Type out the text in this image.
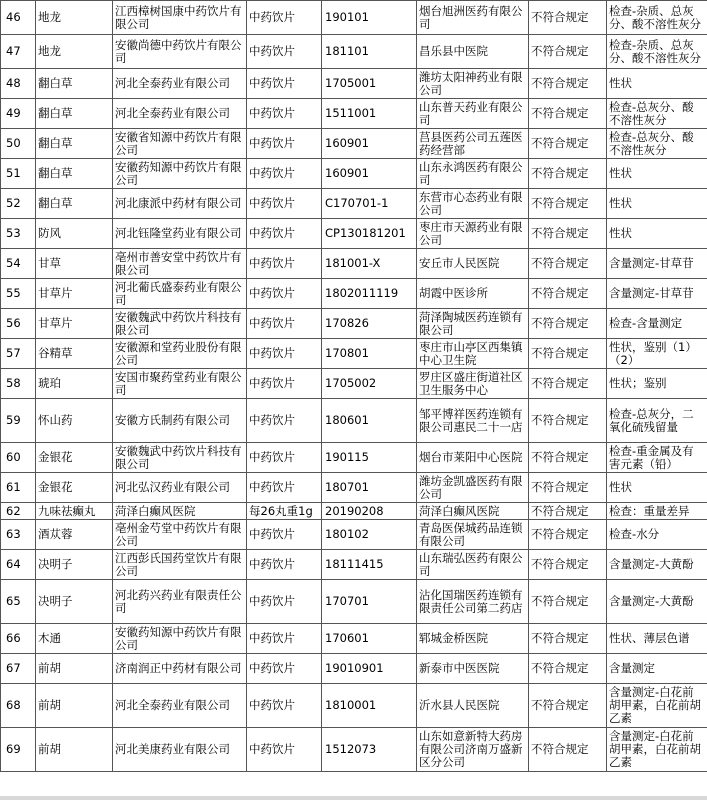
46	地龙	江西樟树国康中药饮片有限公司	中药饮片	190101	烟台旭洲医药有限公司	不符合规定	检查-杂质、总灰分、酸不溶性灰分
47	地龙	安徽尚德中药饮片有限公司	中药饮片	181101	昌乐县中医院	不符合规定	检查-杂质、总灰分、酸不溶性灰分
48	翻白草	河北全泰药业有限公司	中药饮片	1705001	潍坊太阳神药业有限公司	不符合规定	性状
49	翻白草	河北全泰药业有限公司	中药饮片	1511001	山东普天药业有限公司	不符合规定	检查-总灰分、酸不溶性灰分
50	翻白草	安徽省知源中药饮片有限公司	中药饮片	160901	莒县医药公司五莲医药经营部	不符合规定	检查-总灰分、酸不溶性灰分
51	翻白草	安徽药知源中药饮片有限公司	中药饮片	160901	山东永鸿医药有限公司	不符合规定	性状
52	翻白草	河北康派中药材有限公司	中药饮片	C170701-1	东营市心态药业有限公司	不符合规定	性状
53	防风	河北钰隆堂药业有限公司	中药饮片	CP130181201	枣庄市天源药业有限公司	不符合规定	性状
54	甘草	亳州市善安堂中药饮片有限公司	中药饮片	181001-X	安丘市人民医院	不符合规定	含量测定-甘草苷
55	甘草片	河北葡氏盛泰药业有限公司	中药饮片	1802011119	胡霞中医诊所	不符合规定	含量测定-甘草苷
56	甘草片	安徽魏武中药饮片科技有限公司	中药饮片	170826	菏泽陶城医药连锁有限公司	不符合规定	检查-含量测定
57	谷精草	安徽源和堂药业股份有限公司	中药饮片	170801	枣庄市山亭区西集镇中心卫生院	不符合规定	性状，鉴别（1）（2）
58	琥珀	安国市聚药堂药业有限公司	中药饮片	1705002	罗庄区盛庄街道社区卫生服务中心	不符合规定	性状；鉴别
59	怀山药	安徽方氏制药有限公司	中药饮片	180601	邹平博祥医药连锁有限公司惠民二十一店	不符合规定	检查-总灰分，二氧化硫残留量
60	金银花	安徽魏武中药饮片科技有限公司	中药饮片	190115	烟台市莱阳中心医院	不符合规定	检查-重金属及有害元素（铅）
61	金银花	河北弘汉药业有限公司	中药饮片	180701	潍坊金凯盛医药有限公司	不符合规定	性状
62	九味祛癫丸	菏泽白癫风医院	每26丸重1g	20190208	菏泽白癫风医院	不符合规定	检查：重量差异
63	酒苁蓉	亳州金芍堂中药饮片有限公司	中药饮片	180102	青岛医保城药品连锁有限公司	不符合规定	检查-水分
64	决明子	江西彭氏国药堂饮片有限公司	中药饮片	18111415	山东瑞弘医药有限公司	不符合规定	含量测定-大黄酚
65	决明子	河北药兴药业有限责任公司	中药饮片	170701	沾化国瑞医药连锁有限责任公司第二药店	不符合规定	含量测定-大黄酚
66	木通	安徽药知源中药饮片有限公司	中药饮片	170601	郓城金桥医院	不符合规定	性状、薄层色谱
67	前胡	济南润正中药材有限公司	中药饮片	19010901	新泰市中医医院	不符合规定	含量测定
68	前胡	河北全泰药业有限公司	中药饮片	1810001	沂水县人民医院	不符合规定	含量测定-白花前胡甲素，白花前胡乙素
69	前胡	河北美康药业有限公司	中药饮片	1512073	山东如意新特大药房有限公司济南万盛新区分公司	不符合规定	含量测定-白花前胡甲素，白花前胡乙素
